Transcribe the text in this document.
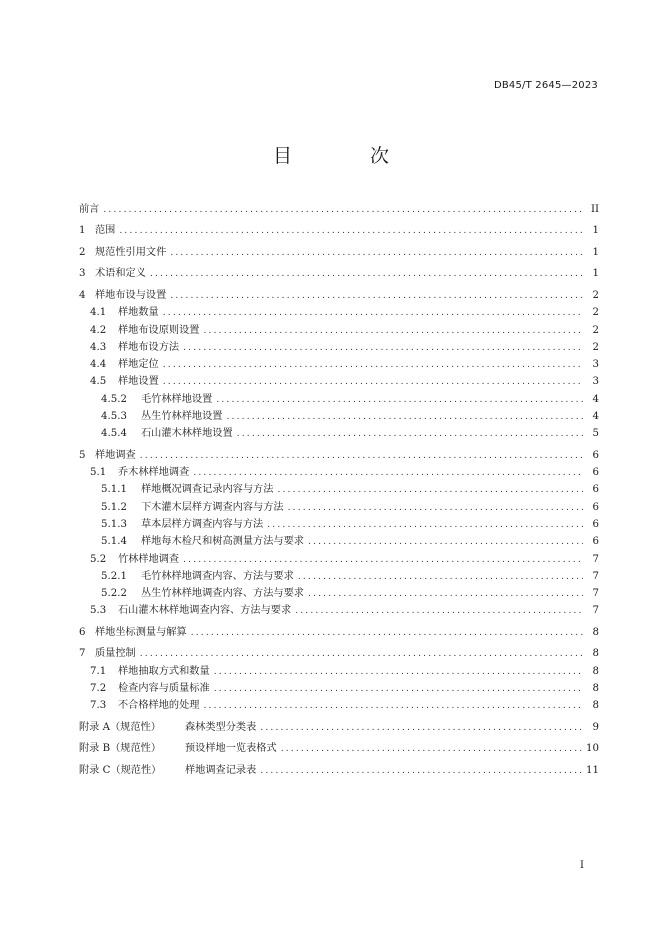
DB45/T 2645—2023
目 次
前言 .....	II
1 范围 .....	1
2 规范性引用文件 .....	1
3 术语和定义 .....	1
4 样地布设与设置 .....	2
4.1	样地数量 .....	2
4.2	样地布设原则设置 .....	2
4.3	样地布设方法 .....	2
4.4	样地定位 .....	3
4.5	样地设置 .....	3
4.5.2	毛竹林样地设置 .....	4
4.5.3	丛生竹林样地设置 .....	4
4.5.4	石山灌木林样地设置 .....	5
5 样地调查 .....	6
5.1	乔木林样地调查 .....	6
5.1.1	样地概况调查记录内容与方法 .....	6
5.1.2	下木灌木层样方调查内容与方法 .....	6
5.1.3	草本层样方调查内容与方法 .....	6
5.1.4	样地每木检尺和树高测量方法与要求 .....	6
5.2	竹林样地调查 .....	7
5.2.1	毛竹林样地调查内容、方法与要求 .....	7
5.2.2	丛生竹林样地调查内容、方法与要求 .....	7
5.3	石山灌木林样地调查内容、方法与要求 .....	7
6 样地坐标测量与解算 .....	8
7 质量控制 .....	8
7.1	样地抽取方式和数量 .....	8
7.2	检查内容与质量标准 .....	8
7.3	不合格样地的处理 .....	8
附录 A（规范性）	森林类型分类表 .....	9
附录 B（规范性）	预设样地一览表格式 .....	10
附录 C（规范性）	样地调查记录表 .....	11
I
